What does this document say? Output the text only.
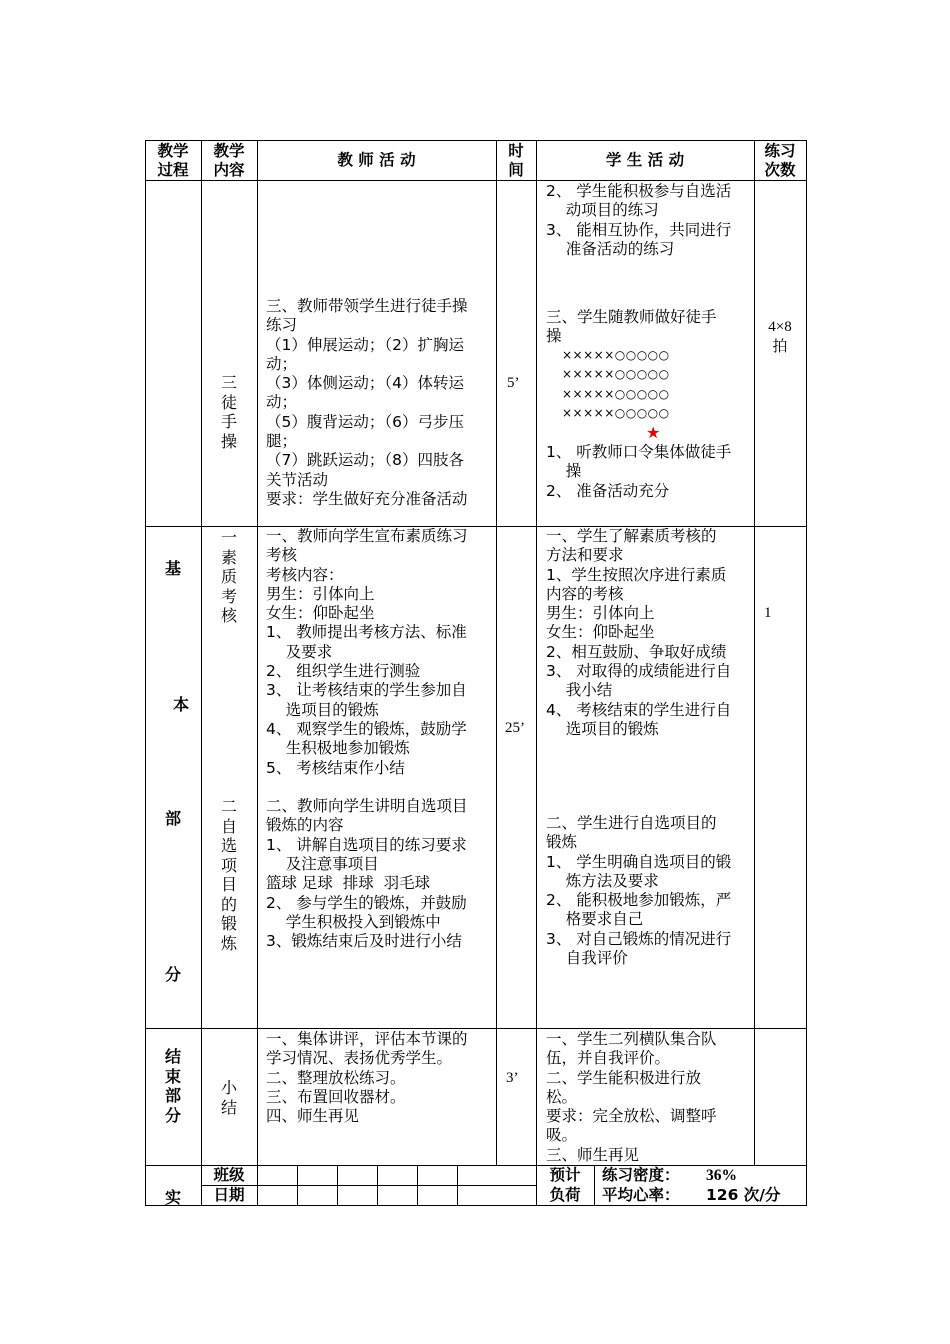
教学过程
教学内容
教 师 活 动	时间
学 生 活 动	练习次数
三徒手操
三、教师带领学生进行徒手操
练习
（1）伸展运动；（2）扩胸运
动；
（3）体侧运动；（4）体转运
动；
（5）腹背运动；（6）弓步压
腿；
（7）跳跃运动；（8）四肢各
关节活动
要求：学生做好充分准备活动
5’
2、 学生能积极参与自选活
动项目的练习
3、 能相互协作，共同进行
准备活动的练习
三、学生随教师做好徒手
操
×××××○○○○○
×××××○○○○○
×××××○○○○○
×××××○○○○○
★
1、 听教师口令集体做徒手
操
2、 准备活动充分
4×8
拍
基
本
部
分
一素质考核
二自选项目的锻炼
一、教师向学生宣布素质练习
考核
考核内容：
男生：引体向上
女生：仰卧起坐
1、 教师提出考核方法、标准
及要求
2、 组织学生进行测验
3、 让考核结束的学生参加自
选项目的锻炼
4、 观察学生的锻炼，鼓励学
生积极地参加锻炼
5、 考核结束作小结

二、教师向学生讲明自选项目
锻炼的内容
1、 讲解自选项目的练习要求
及注意事项目
篮球 足球  排球  羽毛球
2、 参与学生的锻炼，并鼓励
学生积极投入到锻炼中
3、锻炼结束后及时进行小结
25’
一、学生了解素质考核的
方法和要求
1、学生按照次序进行素质
内容的考核
男生：引体向上
女生：仰卧起坐
2、相互鼓励、争取好成绩
3、 对取得的成绩能进行自
我小结
4、 考核结束的学生进行自
选项目的锻炼
二、学生进行自选项目的
锻炼
1、 学生明确自选项目的锻
炼方法及要求
2、 能积极地参加锻炼，严
格要求自己
3、 对自己锻炼的情况进行
自我评价
1
结
束
部
分
小结
一、集体讲评，评估本节课的
学习情况、表扬优秀学生。
二、整理放松练习。
三、布置回收器材。
四、师生再见
3’
一、学生二列横队集合队
伍，并自我评价。
二、学生能积极进行放
松。
要求：完全放松、调整呼
吸。
三、师生再见
实
班级
日期
预计
负荷
练习密度： 36%
平均心率： 126 次/分
